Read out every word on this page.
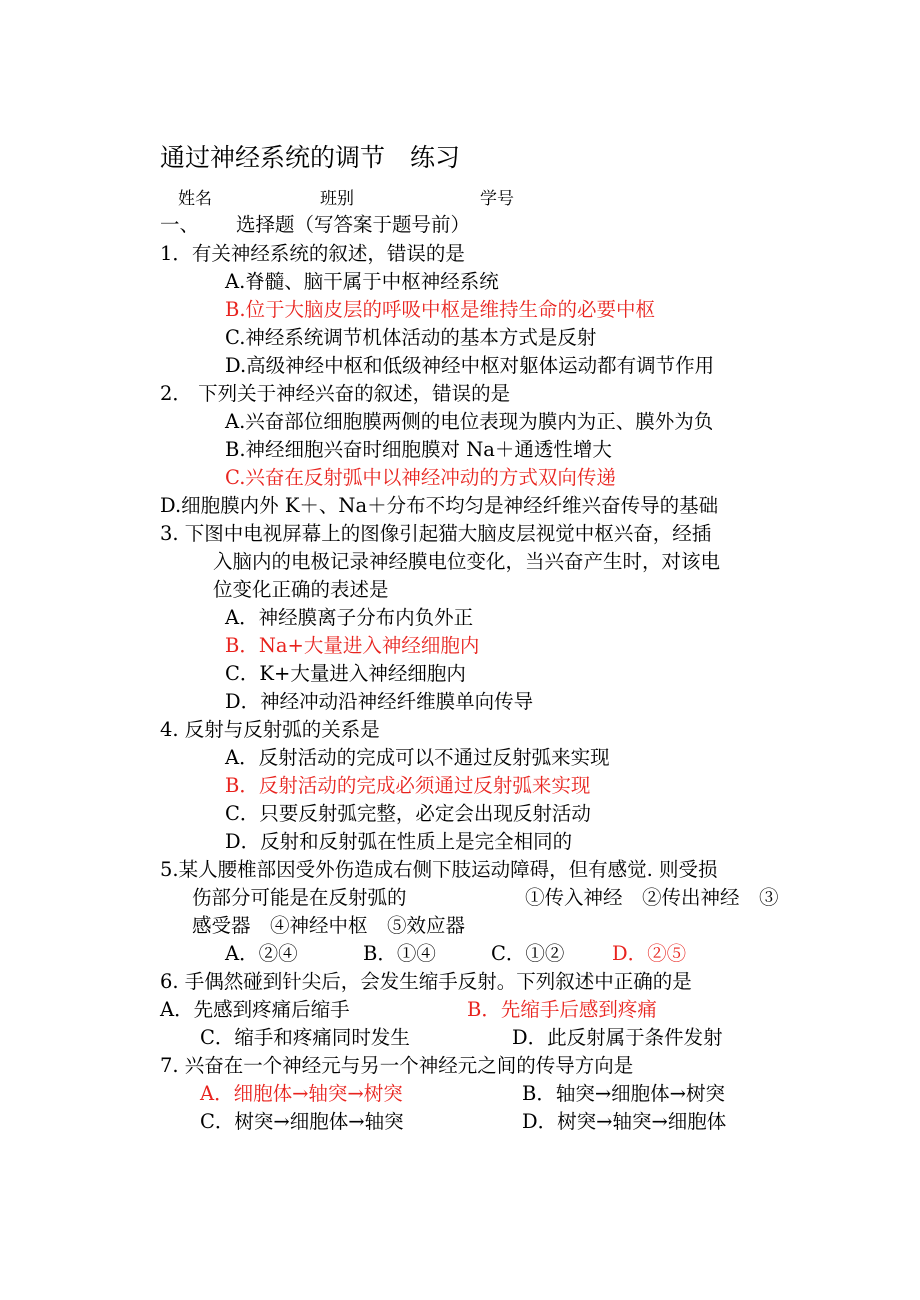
通过神经系统的调节　练习
姓名	班别	学号
一、 选择题（写答案于题号前）
1．有关神经系统的叙述，错误的是
A.脊髓、脑干属于中枢神经系统
B.位于大脑皮层的呼吸中枢是维持生命的必要中枢
C.神经系统调节机体活动的基本方式是反射
D.高级神经中枢和低级神经中枢对躯体运动都有调节作用
2． 下列关于神经兴奋的叙述，错误的是
A.兴奋部位细胞膜两侧的电位表现为膜内为正、膜外为负
B.神经细胞兴奋时细胞膜对 Na＋通透性增大
C.兴奋在反射弧中以神经冲动的方式双向传递
D.细胞膜内外 K＋、Na＋分布不均匀是神经纤维兴奋传导的基础
3. 下图中电视屏幕上的图像引起猫大脑皮层视觉中枢兴奋，经插
入脑内的电极记录神经膜电位变化，当兴奋产生时，对该电
位变化正确的表述是
A．神经膜离子分布内负外正
B．Na+大量进入神经细胞内
C．K+大量进入神经细胞内
D．神经冲动沿神经纤维膜单向传导
4. 反射与反射弧的关系是
A．反射活动的完成可以不通过反射弧来实现
B．反射活动的完成必须通过反射弧来实现
C．只要反射弧完整，必定会出现反射活动
D．反射和反射弧在性质上是完全相同的
5.某人腰椎部因受外伤造成右侧下肢运动障碍，但有感觉. 则受损
伤部分可能是在反射弧的	①传入神经　②传出神经　③
感受器　④神经中枢　⑤效应器
A．②④	B．①④	C．①② D．②⑤
6. 手偶然碰到针尖后，会发生缩手反射。下列叙述中正确的是
A．先感到疼痛后缩手	B．先缩手后感到疼痛
C．缩手和疼痛同时发生	D．此反射属于条件发射
7. 兴奋在一个神经元与另一个神经元之间的传导方向是
A．细胞体→轴突→树突	B．轴突→细胞体→树突
C．树突→细胞体→轴突	D．树突→轴突→细胞体
